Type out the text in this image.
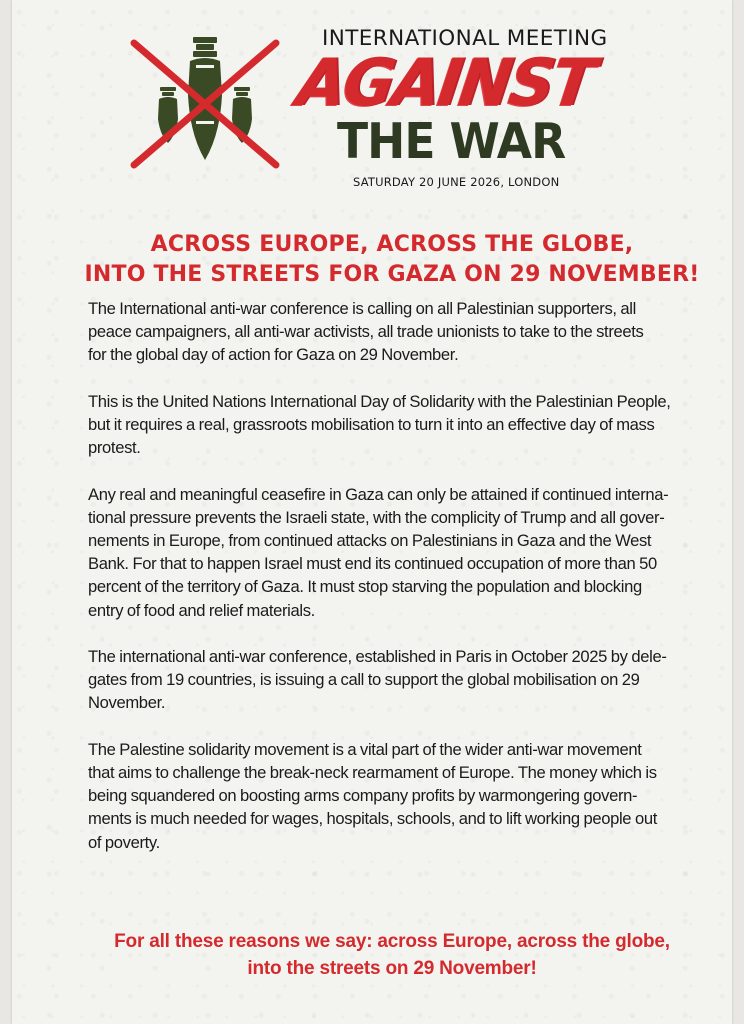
INTERNATIONAL MEETING
AGAINST
THE WAR
SATURDAY 20 JUNE 2026, LONDON
ACROSS EUROPE, ACROSS THE GLOBE,
INTO THE STREETS FOR GAZA ON 29 NOVEMBER!

The International anti-war conference is calling on all Palestinian supporters, all
peace campaigners, all anti-war activists, all trade unionists to take to the streets
for the global day of action for Gaza on 29 November.

This is the United Nations International Day of Solidarity with the Palestinian People,
but it requires a real, grassroots mobilisation to turn it into an effective day of mass
protest.

Any real and meaningful ceasefire in Gaza can only be attained if continued interna-
tional pressure prevents the Israeli state, with the complicity of Trump and all gover-
nements in Europe, from continued attacks on Palestinians in Gaza and the West
Bank. For that to happen Israel must end its continued occupation of more than 50
percent of the territory of Gaza. It must stop starving the population and blocking
entry of food and relief materials.

The international anti-war conference, established in Paris in October 2025 by dele-
gates from 19 countries, is issuing a call to support the global mobilisation on 29
November.

The Palestine solidarity movement is a vital part of the wider anti-war movement
that aims to challenge the break-neck rearmament of Europe. The money which is
being squandered on boosting arms company profits by warmongering govern-
ments is much needed for wages, hospitals, schools, and to lift working people out
of poverty.

For all these reasons we say: across Europe, across the globe,
into the streets on 29 November!
